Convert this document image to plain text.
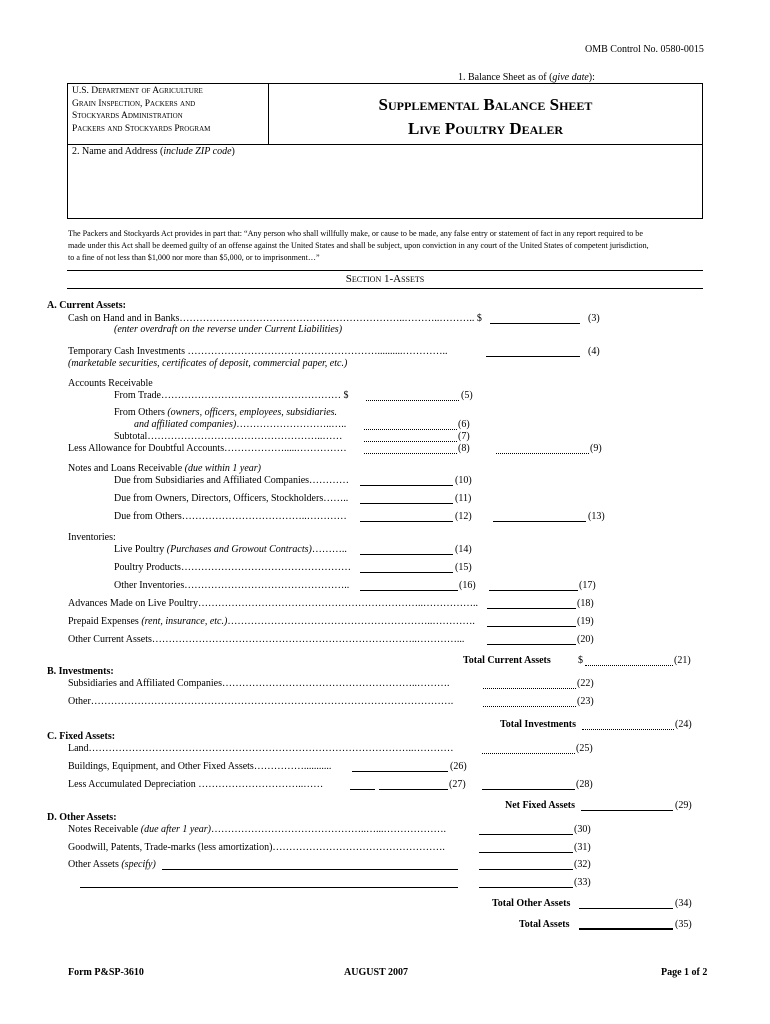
OMB Control No. 0580-0015
1. Balance Sheet as of (give date):
U.S. Department of Agriculture
Grain Inspection, Packers and
Stockyards Administration
Packers and Stockyards Program
Supplemental Balance Sheet
Live Poultry Dealer
2. Name and Address (include ZIP code)
The Packers and Stockyards Act provides in part that: “Any person who shall willfully make, or cause to be made, any false entry or statement of fact in any report required to be
made under this Act shall be deemed guilty of an offense against the United States and shall be subject, upon conviction in any court of the United States of competent jurisdiction,
to a fine of not less than $1,000 nor more than $5,000, or to imprisonment…”
Section 1-Assets
A. Current Assets:
Cash on Hand and in Banks…………………………………………………………..………..……….. $	(3)
(enter overdraft on the reverse under Current Liabilities)
Temporary Cash Investments …………………………………………………..........…………..	(4)
(marketable securities, certificates of deposit, commercial paper, etc.)
Accounts Receivable
From Trade……………………………………………… $	(5)
From Others (owners, officers, employees, subsidiaries.
and affiliated companies)………………………..…..	(6)
Subtotal……………………………………………..……	(7)
Less Allowance for Doubtful Accounts……………….....……………	(8)	(9)
Notes and Loans Receivable (due within 1 year)
Due from Subsidiaries and Affiliated Companies…………	(10)
Due from Owners, Directors, Officers, Stockholders……..	(11)
Due from Others………………………………..…………	(12)	(13)
Inventories:
Live Poultry (Purchases and Growout Contracts)………..	(14)
Poultry Products……………………………………………	(15)
Other Inventories…………………………………………..	(16)	(17)
Advances Made on Live Poultry…………………………………………………………..……………..	(18)
Prepaid Expenses (rent, insurance, etc.)……………………………………………………..………….	(19)
Other Current Assets……………………………………………………………………..…………...	(20)
Total Current Assets	$	(21)
B. Investments:
Subsidiaries and Affiliated Companies…………………………………………………..……….	(22)
Other……………………………………………………………………………………………….	(23)
Total Investments	(24)
C. Fixed Assets:
Land……………………………………………………………………………………..…………	(25)
Buildings, Equipment, and Other Fixed Assets……………...........	(26)
Less Accumulated Depreciation …………………………..……	(27)	(28)
Net Fixed Assets	(29)
D. Other Assets:
Notes Receivable (due after 1 year)………………………………………..…...……………….	(30)
Goodwill, Patents, Trade-marks (less amortization)…………………………………………….	(31)
Other Assets (specify)	(32)
(33)
Total Other Assets	(34)
Total Assets	(35)
Form P&SP-3610	AUGUST 2007	Page 1 of 2
